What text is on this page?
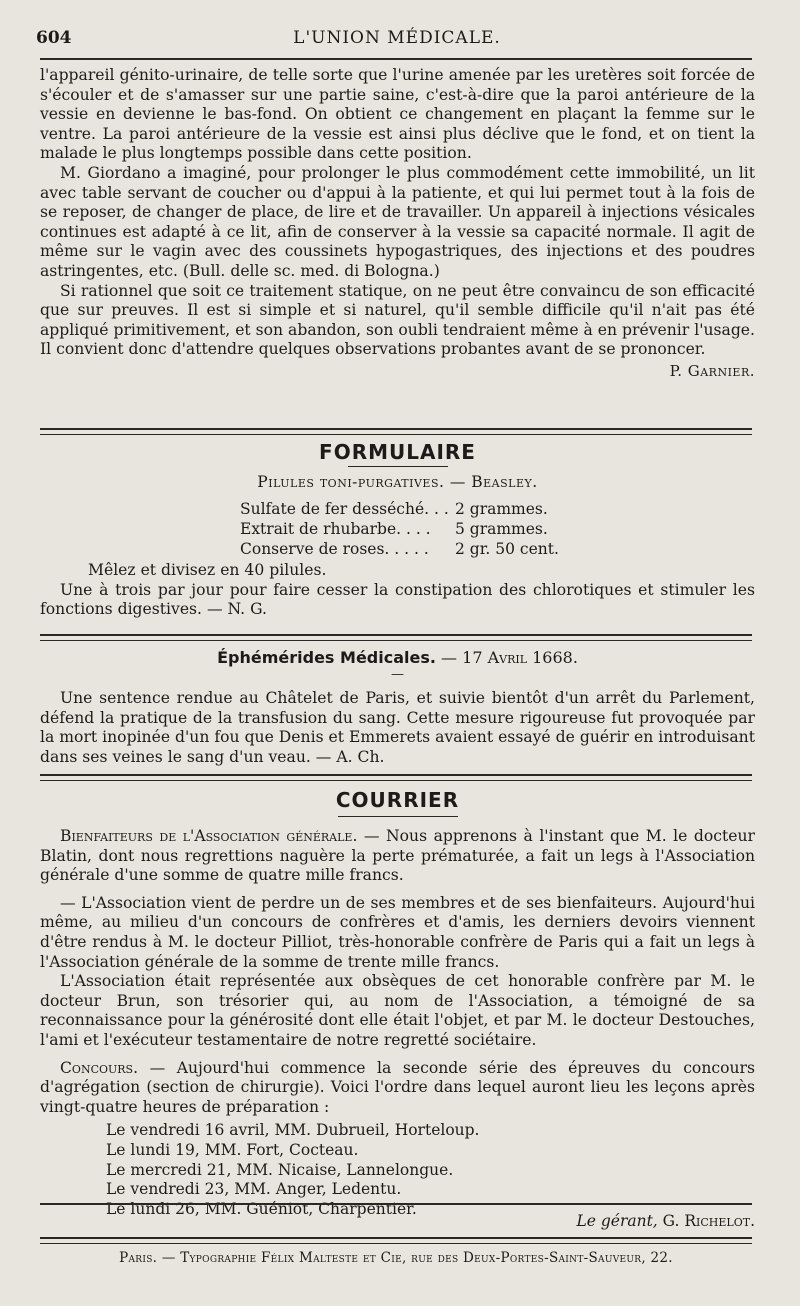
604	L'UNION MÉDICALE.

l'appareil génito-urinaire, de telle sorte que l'urine amenée par les uretères soit forcée de s'écouler et de s'amasser sur une partie saine, c'est-à-dire que la paroi antérieure de la vessie en devienne le bas-fond. On obtient ce changement en plaçant la femme sur le ventre. La paroi antérieure de la vessie est ainsi plus déclive que le fond, et on tient la malade le plus longtemps possible dans cette position.

M. Giordano a imaginé, pour prolonger le plus commodément cette immobilité, un lit avec table servant de coucher ou d'appui à la patiente, et qui lui permet tout à la fois de se reposer, de changer de place, de lire et de travailler. Un appareil à injections vésicales continues est adapté à ce lit, afin de conserver à la vessie sa capacité normale. Il agit de même sur le vagin avec des coussinets hypogastriques, des injections et des poudres astringentes, etc. (Bull. delle sc. med. di Bologna.)

Si rationnel que soit ce traitement statique, on ne peut être convaincu de son efficacité que sur preuves. Il est si simple et si naturel, qu'il semble difficile qu'il n'ait pas été appliqué primitivement, et son abandon, son oubli tendraient même à en prévenir l'usage. Il convient donc d'attendre quelques observations probantes avant de se prononcer.

P. Garnier.

FORMULAIRE
Pilules toni-purgatives. — Beasley.
Sulfate de fer desséché. . . 2 grammes.
Extrait de rhubarbe. . . . 5 grammes.
Conserve de roses. . . . . 2 gr. 50 cent.

Mêlez et divisez en 40 pilules.

Une à trois par jour pour faire cesser la constipation des chlorotiques et stimuler les fonctions digestives. — N. G.

Éphémérides Médicales. — 17 Avril 1668.
—

Une sentence rendue au Châtelet de Paris, et suivie bientôt d'un arrêt du Parlement, défend la pratique de la transfusion du sang. Cette mesure rigoureuse fut provoquée par la mort inopinée d'un fou que Denis et Emmerets avaient essayé de guérir en introduisant dans ses veines le sang d'un veau. — A. Ch.

COURRIER

Bienfaiteurs de l'Association générale. — Nous apprenons à l'instant que M. le docteur Blatin, dont nous regrettions naguère la perte prématurée, a fait un legs à l'Association générale d'une somme de quatre mille francs.

— L'Association vient de perdre un de ses membres et de ses bienfaiteurs. Aujourd'hui même, au milieu d'un concours de confrères et d'amis, les derniers devoirs viennent d'être rendus à M. le docteur Pilliot, très-honorable confrère de Paris qui a fait un legs à l'Association générale de la somme de trente mille francs.

L'Association était représentée aux obsèques de cet honorable confrère par M. le docteur Brun, son trésorier qui, au nom de l'Association, a témoigné de sa reconnaissance pour la générosité dont elle était l'objet, et par M. le docteur Destouches, l'ami et l'exécuteur testamentaire de notre regretté sociétaire.

Concours. — Aujourd'hui commence la seconde série des épreuves du concours d'agrégation (section de chirurgie). Voici l'ordre dans lequel auront lieu les leçons après vingt-quatre heures de préparation :

Le vendredi 16 avril, MM. Dubrueil, Horteloup.
Le lundi 19, MM. Fort, Cocteau.
Le mercredi 21, MM. Nicaise, Lannelongue.
Le vendredi 23, MM. Anger, Ledentu.
Le lundi 26, MM. Guéniot, Charpentier.
Le gérant, G. Richelot.
Paris. — Typographie Félix Malteste et Cie, rue des Deux-Portes-Saint-Sauveur, 22.
